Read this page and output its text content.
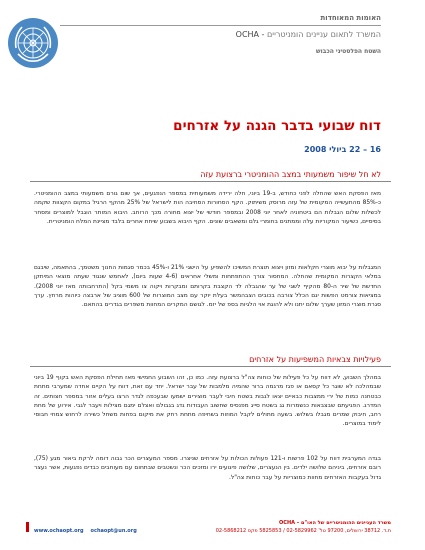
האומות המאוחדות
המשרד לתאום עניינים הומניטריים - OCHA
השטח הפלסטיני הכבוש
דוח שבועי בדבר הגנה על אזרחים
16 – 22 ביולי 2008
לא חל שיפור משמעותי במצב ההומניטרי ברצועת עזה
מאז הפסקת האש שהחלה לפני כחודש, ב-19 ביוני, חלה ירידה משמעותית במספר הנפגעים, אך שום גורם משמעותי במצב ההומניטרי. כ-85% מהתעשייה המקומית של עזה מרוסק משיתוק. הקף הסחורות הסחיבה הות לישראל של 25% מהקף הרגיל במקום הקצוות שקמה לכשלות שלום הגבלות הם ביטחוניה לאחר יוני 2008 ובמספר חודשי של יצוא מחורה מכך הרוחב. היבוא המותר הוגבל למוצרים ומסחר בסיסיים, כשיעור המקוריות עלה וממתנים בחומרי גלם ומשאבים שונים. הקף היבוא בשבוע שיחת אחרים בלבד מציינת המלח הומניטרית.
המגבלות על יבוא מוצרי חקלאות ומזון ויצוא תוצרת המשיכו להשפיע על הישגי 21% ו-45% בכמר סגמות החנוך משטמך, בהתאמה, שיבגם במלאי הקצרות המקומית שהחלה. המחסור צורך ההתפתחות ומשלי אחראים (4-6 שעות ביום), לאחמש שנגוד שעתה מוצאי המיתקן החדשת של שיר ה-80 מהקיף לשגי של ער שהגבלה לד הקצבת בקרותם ומבקרות ויקוה צו משמי בקל (התרחבותה מאז יוני 2008). במציאות צורמט הפשות יגם הכלל צורבה בכובים הצבהמשר בעלת יוקר עם מצב המוצרות של 600 מוציב של ארבצה כיוהות מרחץ. ערך סגרת מוצרי המזון שערך שלום יתנו ולא להוגת אוי הלגיות בספ של יזמ. לגושם המקרים המחוות משפרים בגדרים בהתאם.
פעילויות צבאיות המשפיעות על אזרחים
במהלך השבוע, לא דווח על כל פעילות של כוחות צה"ל ברצועת עזה. כמו כן, זהו השבוע החמישי מאז תחילת הפסקת האש בקוף 19 ביוני שבמהלכה לא שוגר כל קסאם או פגז מרגמה ברור שהמיה מלמבות של עבר ישראל. יחד עם זאת, דווח על הקיים אחדה שמערבי מתחת כבטחנה כמות של ירי ממצבות כבאיים יצאו לגבות בשטח חיבי לעבר מוצירים ישמעו שבעכפה לגדר הרצו בעלים אזור במספר חצותים. זה המדרג. הפגיעתם שבצבאות כנשמרות גג בשטח סייג מפנסיס שחשוב העבודות גדג בגבולם ואצלם ימגם מצילות ויעבר לגבי. אירוע של מחת רחב, חיבוק שמרים מגבלו בשלוש. בשעה מתולים לקבל המוזות בשחיפה מתחת רחק את מיקום בפחות משחל כשירה לרחוש צמחי חבוסי לימוד במוצרים.
בגדה המערבית דווח על 102 פרשות ו-121 פעולות הכולות על אזרחים שניצרו. מספר המעצרים הכר גבוה דומה לרקת ביאור מגע (75), רובם אזרחים, ביניהם שלושה ילדים. בין הנעצרים, שלושה פיגועים ירו ומזכים הכר ונשטבים שבתחום עם מעוחבים כבדים נפגעות, אשר נעצר גדול בעקבות האזרחים מחוות כמוצריות על עבר כוחות צה"ל.
משרד העניינים ההומניטריים של האו"ם – OCHA
ת.ד. 38712 ירושלים, 97200 טל' 02-5829962 / 5825853 פקס 02-5868212
www.ochaopt.org ochaopt@un.org
